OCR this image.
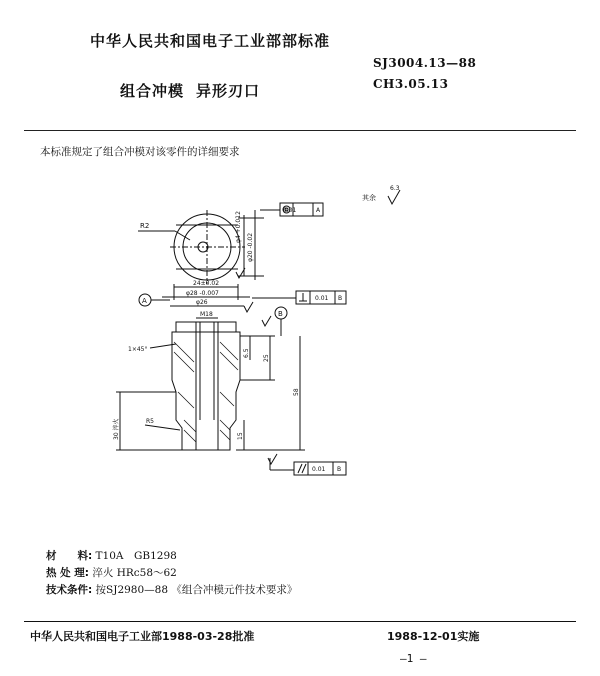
中华人民共和国电子工业部部标准
SJ3004.13—88
组合冲模 异形刃口	CH3.05.13
本标准规定了组合冲模对该零件的详细要求
其余
6.3
R2	φ4 +0.012
φ20 -0.02
0.01	A
24±0.02
φ28 -0.007
φ26
A	0.01 B
B
M18
1×45°	6.5
25
58
15
R5
30 淬火
0.01 B
材　　料: T10A　GB1298
热 处 理: 淬火 HRc58～62
技术条件: 按SJ2980—88 《组合冲模元件技术要求》
中华人民共和国电子工业部1988-03-28批准	1988-12-01实施
—1 —
